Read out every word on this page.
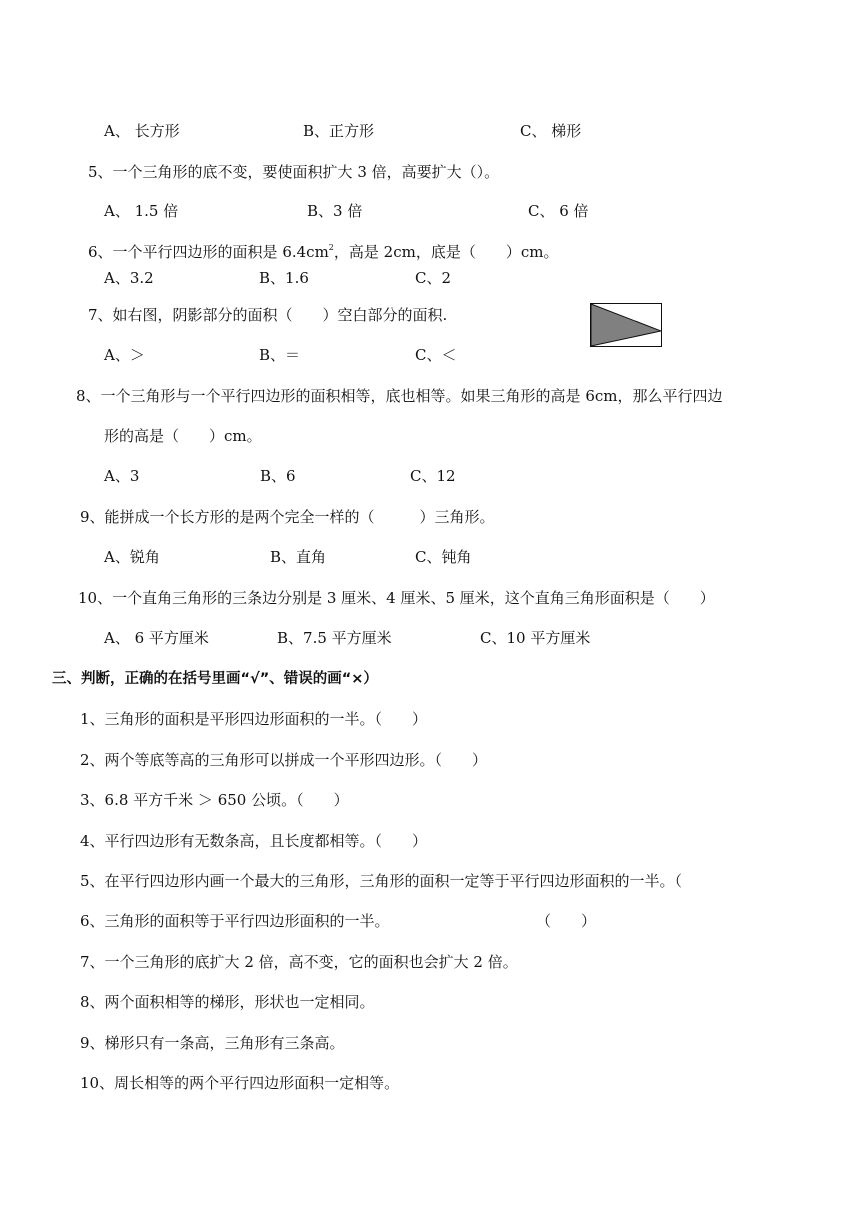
A、 长方形	B、正方形	C、 梯形
5、一个三角形的底不变，要使面积扩大 3 倍，高要扩大（）。
A、 1.5 倍	B、3 倍	C、 6 倍
6、一个平行四边形的面积是 $6.4cm^2$，高是 2cm，底是（　　）cm。
A、3.2	B、1.6	C、2
7、如右图，阴影部分的面积（　　）空白部分的面积.
A、＞	B、＝	C、＜
8、一个三角形与一个平行四边形的面积相等，底也相等。如果三角形的高是 6cm，那么平行四边
形的高是（　　）cm。
A、3	B、6	C、12
9、能拼成一个长方形的是两个完全一样的（　　　）三角形。
A、锐角	B、直角	C、钝角
10、一个直角三角形的三条边分别是 3 厘米、4 厘米、5 厘米，这个直角三角形面积是（　　）
A、 6 平方厘米	B、7.5 平方厘米	C、10 平方厘米
三、判断，正确的在括号里画“√”、错误的画“×）
1、三角形的面积是平形四边形面积的一半。（　　）
2、两个等底等高的三角形可以拼成一个平形四边形。（　　）
3、6.8 平方千米 ＞ 650 公顷。（　　）
4、平行四边形有无数条高，且长度都相等。（　　）
5、在平行四边形内画一个最大的三角形，三角形的面积一定等于平行四边形面积的一半。（
6、三角形的面积等于平行四边形面积的一半。	（　　）
7、一个三角形的底扩大 2 倍，高不变，它的面积也会扩大 2 倍。
8、两个面积相等的梯形，形状也一定相同。
9、梯形只有一条高，三角形有三条高。
10、周长相等的两个平行四边形面积一定相等。
